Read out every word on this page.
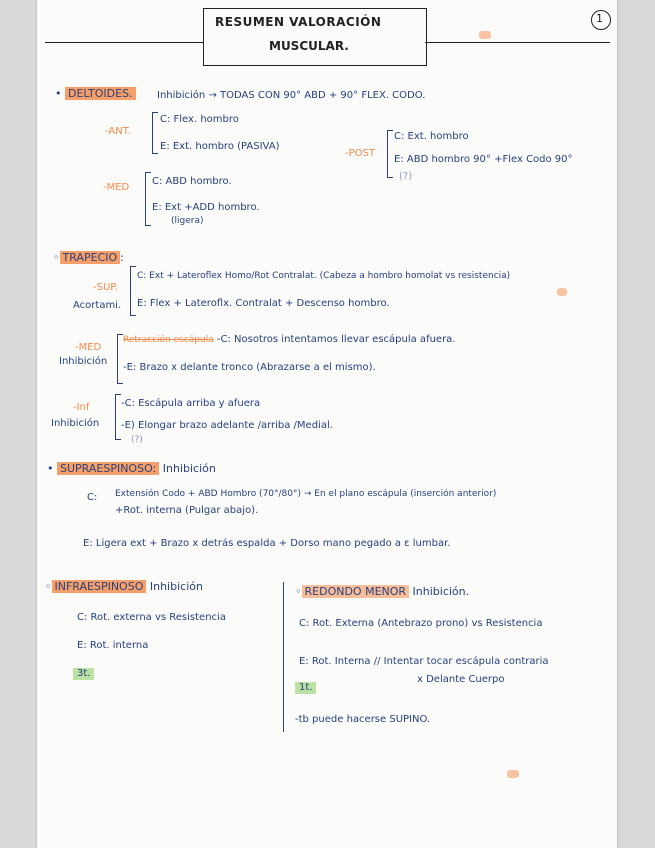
RESUMEN VALORACIÓN
MUSCULAR.
1
• DELTOIDES.	Inhibición → TODAS CON 90° ABD + 90° FLEX. CODO.
-ANT.
C: Flex. hombro
E: Ext. hombro (PASIVA)
-POST
C: Ext. hombro
E: ABD hombro 90° +Flex Codo 90°
(?)
-MED
C: ABD hombro.
E: Ext +ADD hombro.
(ligera)
◦ TRAPECIO :
-SUP.
Acortami.
C: Ext + Lateroflex Homo/Rot Contralat. (Cabeza a hombro homolat vs resistencia)
E: Flex + Lateroflx. Contralat + Descenso hombro.
-MED
Inhibición
Retracción escápula -C: Nosotros intentamos llevar escápula afuera.
-E: Brazo x delante tronco (Abrazarse a el mismo).
-Inf
Inhibición
-C: Escápula arriba y afuera
-E) Elongar brazo adelante /arriba /Medial.
(?)
• SUPRAESPINOSO: Inhibición
C: Extensión Codo + ABD Hombro (70°/80°) → En el plano escápula (inserción anterior)
+Rot. interna (Pulgar abajo).
E: Ligera ext + Brazo x detrás espalda + Dorso mano pegado a ε lumbar.
◦ INFRAESPINOSO Inhibición
C: Rot. externa vs Resistencia
E: Rot. interna
3t.
◦ REDONDO MENOR Inhibición.
C: Rot. Externa (Antebrazo prono) vs Resistencia
E: Rot. Interna // Intentar tocar escápula contraria
x Delante Cuerpo
1t.
-tb puede hacerse SUPINO.
